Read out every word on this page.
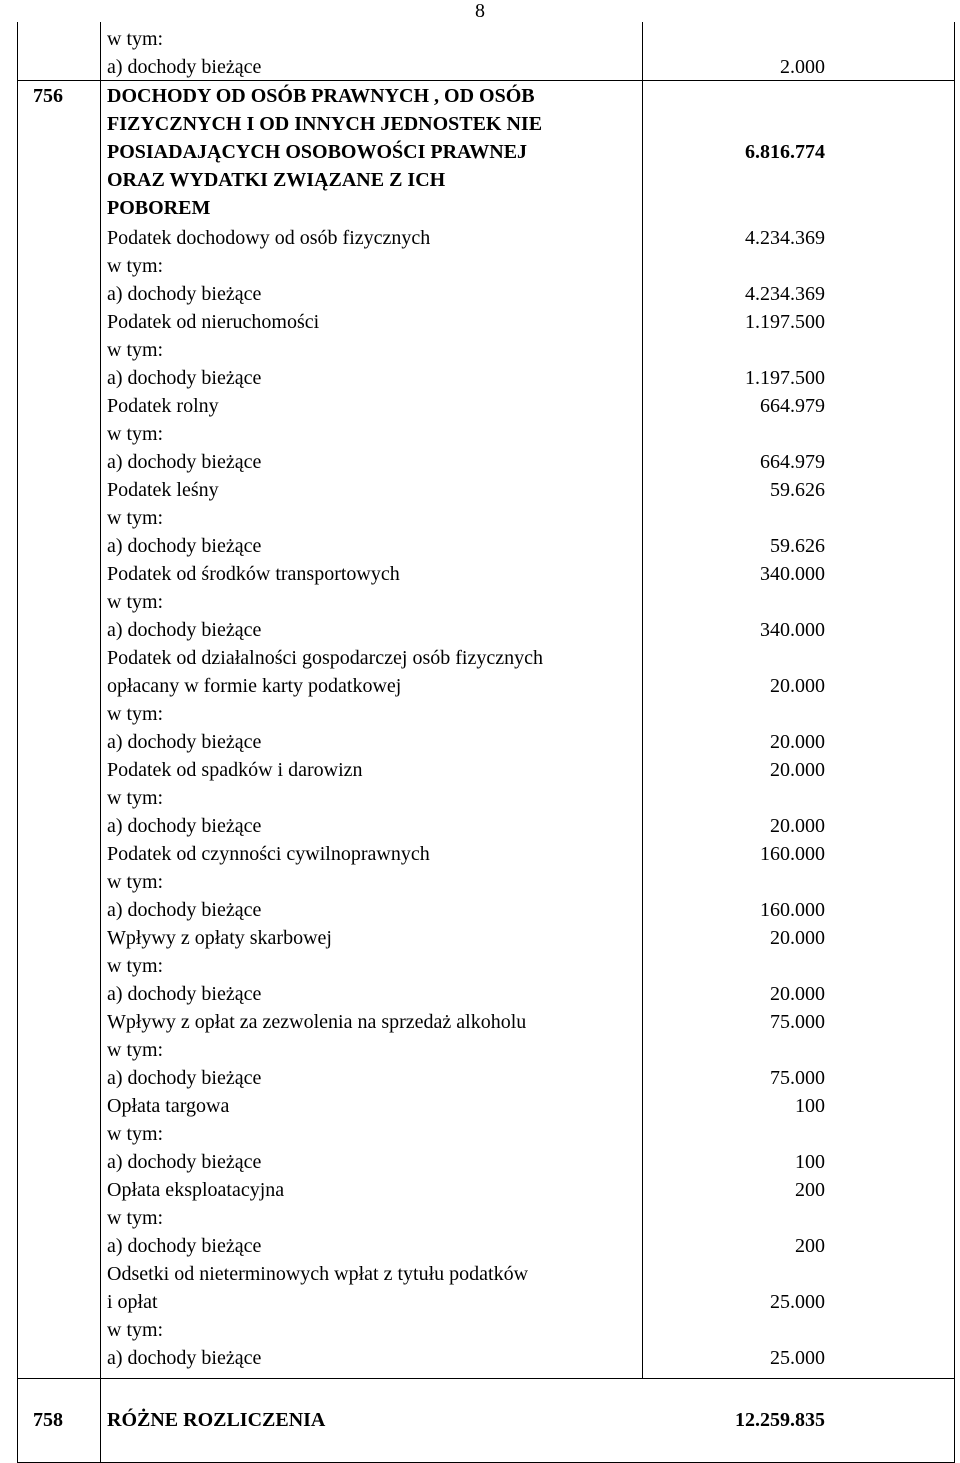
8
w tym:
a) dochody bieżące	2.000
756 DOCHODY OD OSÓB PRAWNYCH , OD OSÓB
FIZYCZNYCH I OD INNYCH JEDNOSTEK NIE
POSIADAJĄCYCH OSOBOWOŚCI PRAWNEJ
ORAZ WYDATKI ZWIĄZANE Z ICH
POBOREM
6.816.774
Podatek dochodowy od osób fizycznych	4.234.369
w tym:
a) dochody bieżące	4.234.369
Podatek od nieruchomości	1.197.500
w tym:
a) dochody bieżące	1.197.500
Podatek rolny	664.979
w tym:
a) dochody bieżące	664.979
Podatek leśny	59.626
w tym:
a) dochody bieżące	59.626
Podatek od środków transportowych	340.000
w tym:
a) dochody bieżące	340.000
Podatek od działalności gospodarczej osób fizycznych
opłacany w formie karty podatkowej	20.000
w tym:
a) dochody bieżące	20.000
Podatek od spadków i darowizn	20.000
w tym:
a) dochody bieżące	20.000
Podatek od czynności cywilnoprawnych	160.000
w tym:
a) dochody bieżące	160.000
Wpływy z opłaty skarbowej	20.000
w tym:
a) dochody bieżące	20.000
Wpływy z opłat za zezwolenia na sprzedaż alkoholu	75.000
w tym:
a) dochody bieżące	75.000
Opłata targowa	100
w tym:
a) dochody bieżące	100
Opłata eksploatacyjna	200
w tym:
a) dochody bieżące	200
Odsetki od nieterminowych wpłat z tytułu podatków
i opłat	25.000
w tym:
a) dochody bieżące	25.000
758 RÓŻNE ROZLICZENIA	12.259.835
